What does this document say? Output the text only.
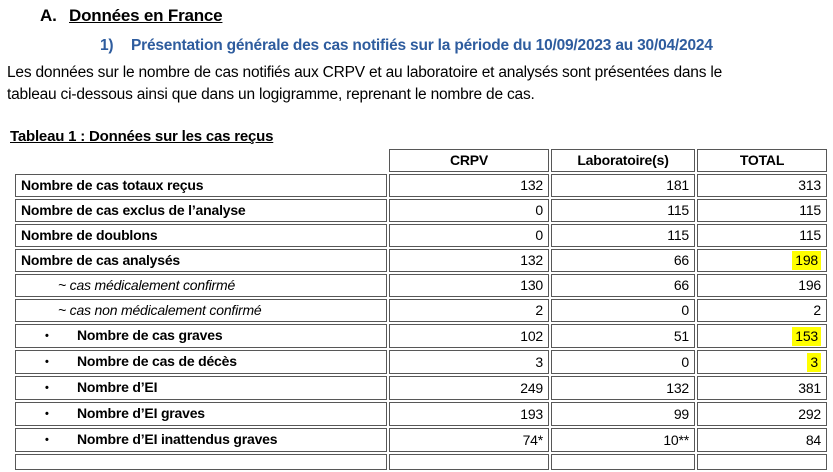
A. Données en France
1) Présentation générale des cas notifiés sur la période du 10/09/2023 au 30/04/2024
Les données sur le nombre de cas notifiés aux CRPV et au laboratoire et analysés sont présentées dans le
tableau ci-dessous ainsi que dans un logigramme, reprenant le nombre de cas.
Tableau 1 : Données sur les cas reçus
	CRPV	Laboratoire(s)	TOTAL
Nombre de cas totaux reçus	132	181	313
Nombre de cas exclus de l’analyse	0	115	115
Nombre de doublons	0	115	115
Nombre de cas analysés	132	66	198
~ cas médicalement confirmé	130	66	196
~ cas non médicalement confirmé	2	0	2
• Nombre de cas graves	102	51	153
• Nombre de cas de décès	3	0	3
• Nombre d’EI	249	132	381
• Nombre d’EI graves	193	99	292
• Nombre d’EI inattendus graves	74*	10**	84
